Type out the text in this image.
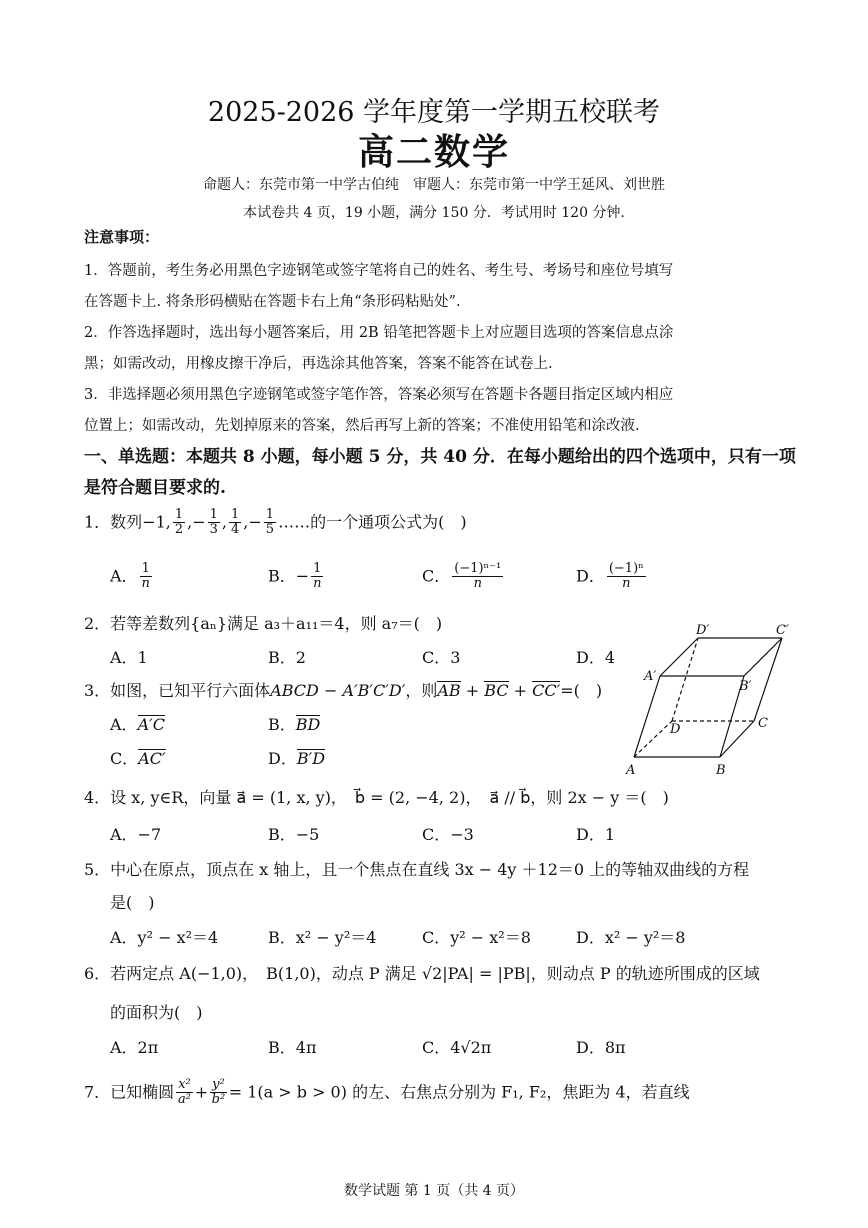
2025-2026 学年度第一学期五校联考
高二数学
命题人：东莞市第一中学古伯纯　审题人：东莞市第一中学王延风、刘世胜
本试卷共 4 页，19 小题，满分 150 分．考试用时 120 分钟.
注意事项：
1．答题前，考生务必用黑色字迹钢笔或签字笔将自己的姓名、考生号、考场号和座位号填写
在答题卡上. 将条形码横贴在答题卡右上角“条形码粘贴处”.
2．作答选择题时，选出每小题答案后，用 2B 铅笔把答题卡上对应题目选项的答案信息点涂
黑；如需改动，用橡皮擦干净后，再选涂其他答案，答案不能答在试卷上.
3．非选择题必须用黑色字迹钢笔或签字笔作答，答案必须写在答题卡各题目指定区域内相应
位置上；如需改动，先划掉原来的答案，然后再写上新的答案；不准使用铅笔和涂改液.
一、单选题：本题共 8 小题，每小题 5 分，共 40 分．在每小题给出的四个选项中，只有一项
是符合题目要求的.
1．数列−1, $\frac{1}{2}$ ,− $\frac{1}{3}$ , $\frac{1}{4}$ ,− $\frac{1}{5}$ ……的一个通项公式为(　)
A． $\frac{1}{n}$	B．− $\frac{1}{n}$	C． $\frac{\text{(−1)ⁿ⁻¹}}{n}$	D． $\frac{\text{(−1)ⁿ}}{n}$
2．若等差数列{aₙ}满足 a₃＋a₁₁＝4，则 a₇＝(　)
A．1	B．2	C．3	D．4
3．如图，已知平行六面体ABCD − A′B′C′D′，则AB + BC + CC′=(　)
A．A′C	B．BD
C．AC′	D．B′D
A	B
C
D
A′
B′
C′
D′
4．设 x, y∈R，向量 a⃗ = (1, x, y)，　b⃗ = (2, −4, 2)，　a⃗ // b⃗，则 2x − y ＝(　)
A．−7	B．−5	C．−3	D．1
5．中心在原点，顶点在 x 轴上，且一个焦点在直线 3x − 4y ＋12＝0 上的等轴双曲线的方程
是(　)
A．y² − x²＝4	B．x² − y²＝4	C．y² − x²＝8	D．x² − y²＝8
6．若两定点 A(−1,0)，　B(1,0)，动点 P 满足 √2|PA| = |PB|，则动点 P 的轨迹所围成的区域
的面积为(　)
A．2π	B．4π	C．4√2π	D．8π
7．已知椭圆 $\frac{\text{x²}}{\text{a²}} + \frac{\text{y²}}{\text{b²}} = 1(a > b > 0)$ 的左、右焦点分别为 F₁, F₂，焦距为 4，若直线
数学试题 第 1 页（共 4 页）
